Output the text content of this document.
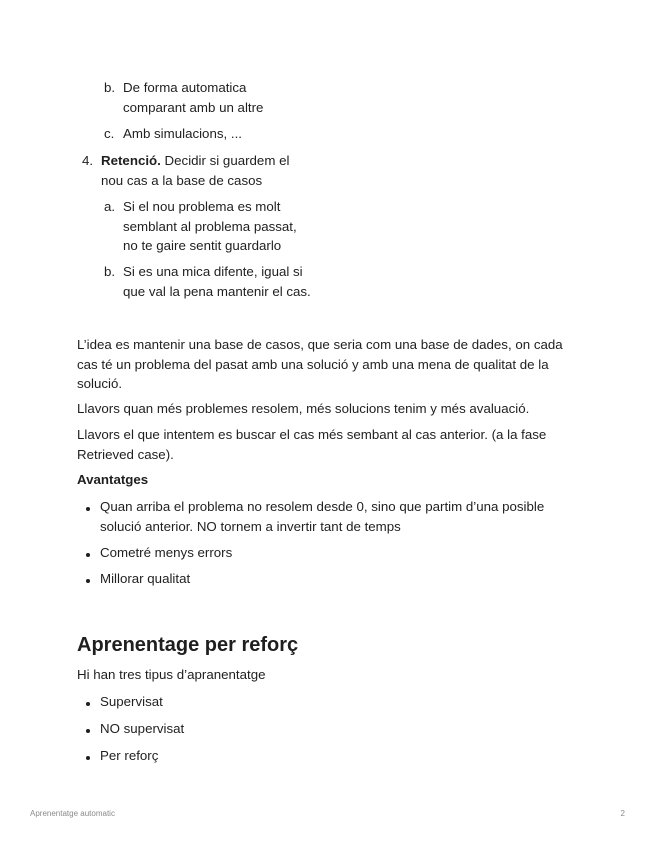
b. De forma automatica comparant amb un altre
c. Amb simulacions, ...
4. Retenció. Decidir si guardem el nou cas a la base de casos
a. Si el nou problema es molt semblant al problema passat, no te gaire sentit guardarlo
b. Si es una mica difente, igual si que val la pena mantenir el cas.

L’idea es mantenir una base de casos, que seria com una base de dades, on cada cas té un problema del pasat amb una solució y amb una mena de qualitat de la solució.

Llavors quan més problemes resolem, més solucions tenim y més avaluació.

Llavors el que intentem es buscar el cas més sembant al cas anterior. (a la fase Retrieved case).

Avantatges

Quan arriba el problema no resolem desde 0, sino que partim d’una posible solució anterior. NO tornem a invertir tant de temps
Cometré menys errors
Millorar qualitat
Aprenentage per reforç

Hi han tres tipus d’apranentatge

Supervisat
NO supervisat
Per reforç
Aprenentatge automatic	2
